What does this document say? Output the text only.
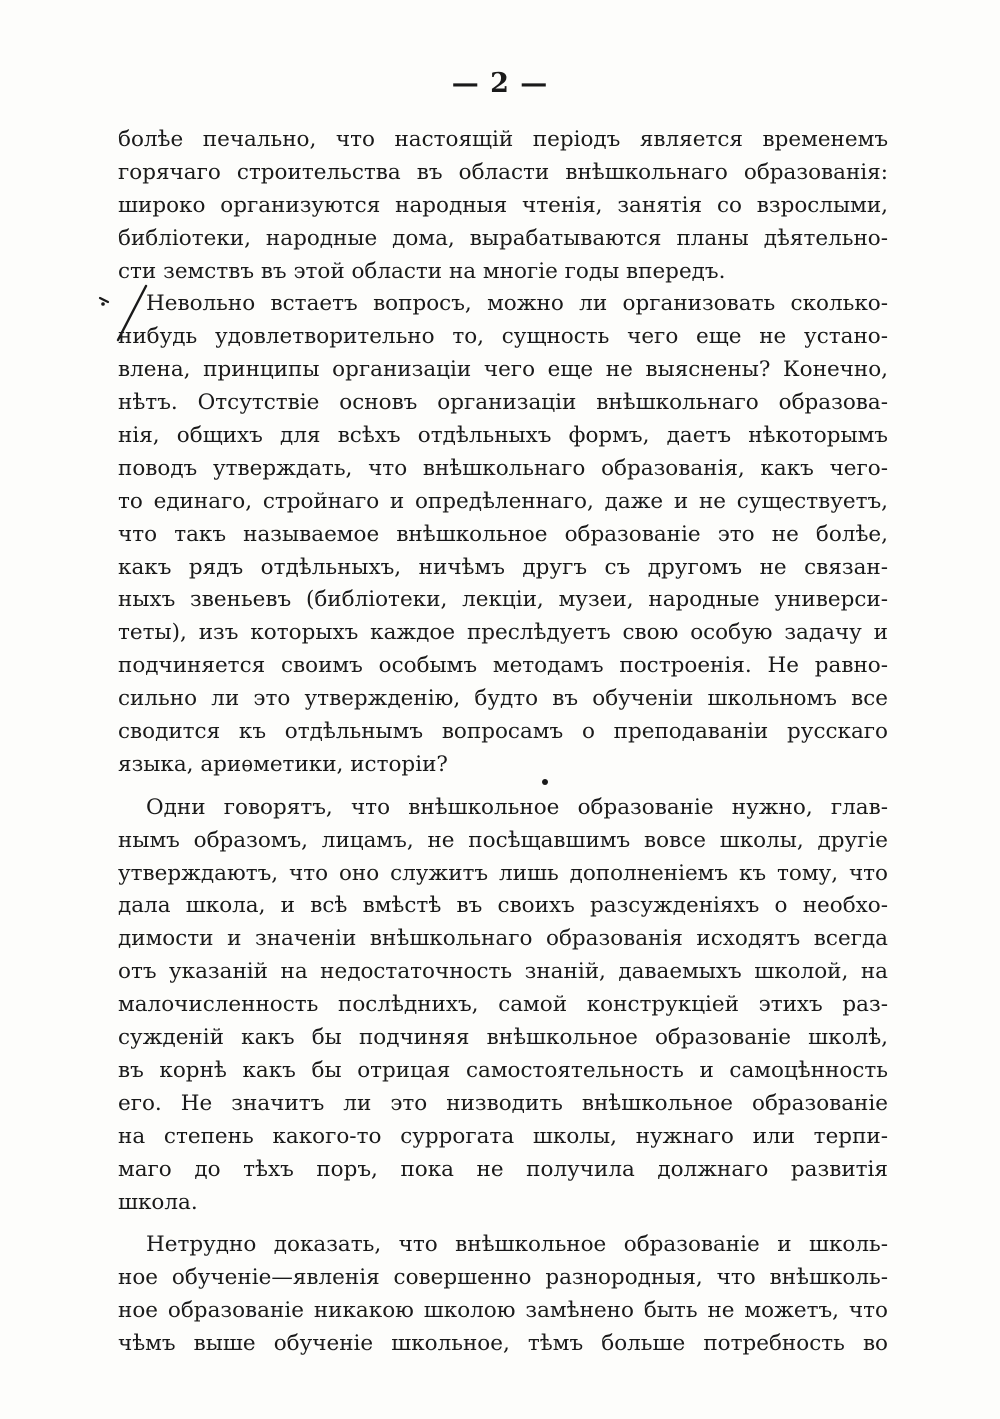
— 2 —
болѣе печально, что настоящій періодъ является временемъ
горячаго строительства въ области внѣшкольнаго образованія:
широко организуются народныя чтенія, занятія со взрослыми,
библіотеки, народные дома, вырабатываются планы дѣятельно-
сти земствъ въ этой области на многіе годы впередъ.
Невольно встаетъ вопросъ, можно ли организовать сколько-
нибудь удовлетворительно то, сущность чего еще не устано-
влена, принципы организаціи чего еще не выяснены? Конечно,
нѣтъ. Отсутствіе основъ организаціи внѣшкольнаго образова-
нія, общихъ для всѣхъ отдѣльныхъ формъ, даетъ нѣкоторымъ
поводъ утверждать, что внѣшкольнаго образованія, какъ чего-
то единаго, стройнаго и опредѣленнаго, даже и не существуетъ,
что такъ называемое внѣшкольное образованіе это не болѣе,
какъ рядъ отдѣльныхъ, ничѣмъ другъ съ другомъ не связан-
ныхъ звеньевъ (библіотеки, лекціи, музеи, народные универси-
теты), изъ которыхъ каждое преслѣдуетъ свою особую задачу и
подчиняется своимъ особымъ методамъ построенія. Не равно-
сильно ли это утвержденію, будто въ обученіи школьномъ все
сводится къ отдѣльнымъ вопросамъ о преподаваніи русскаго
языка, ариѳметики, исторіи?
Одни говорятъ, что внѣшкольное образованіе нужно, глав-
нымъ образомъ, лицамъ, не посѣщавшимъ вовсе школы, другіе
утверждаютъ, что оно служитъ лишь дополненіемъ къ тому, что
дала школа, и всѣ вмѣстѣ въ своихъ разсужденіяхъ о необхо-
димости и значеніи внѣшкольнаго образованія исходятъ всегда
отъ указаній на недостаточность знаній, даваемыхъ школой, на
малочисленность послѣднихъ, самой конструкціей этихъ раз-
сужденій какъ бы подчиняя внѣшкольное образованіе школѣ,
въ корнѣ какъ бы отрицая самостоятельность и самоцѣнность
его. Не значитъ ли это низводить внѣшкольное образованіе
на степень какого-то суррогата школы, нужнаго или терпи-
маго до тѣхъ поръ, пока не получила должнаго развитія
школа.
Нетрудно доказать, что внѣшкольное образованіе и школь-
ное обученіе—явленія совершенно разнородныя, что внѣшколь-
ное образованіе никакою школою замѣнено быть не можетъ, что
чѣмъ выше обученіе школьное, тѣмъ больше потребность во
